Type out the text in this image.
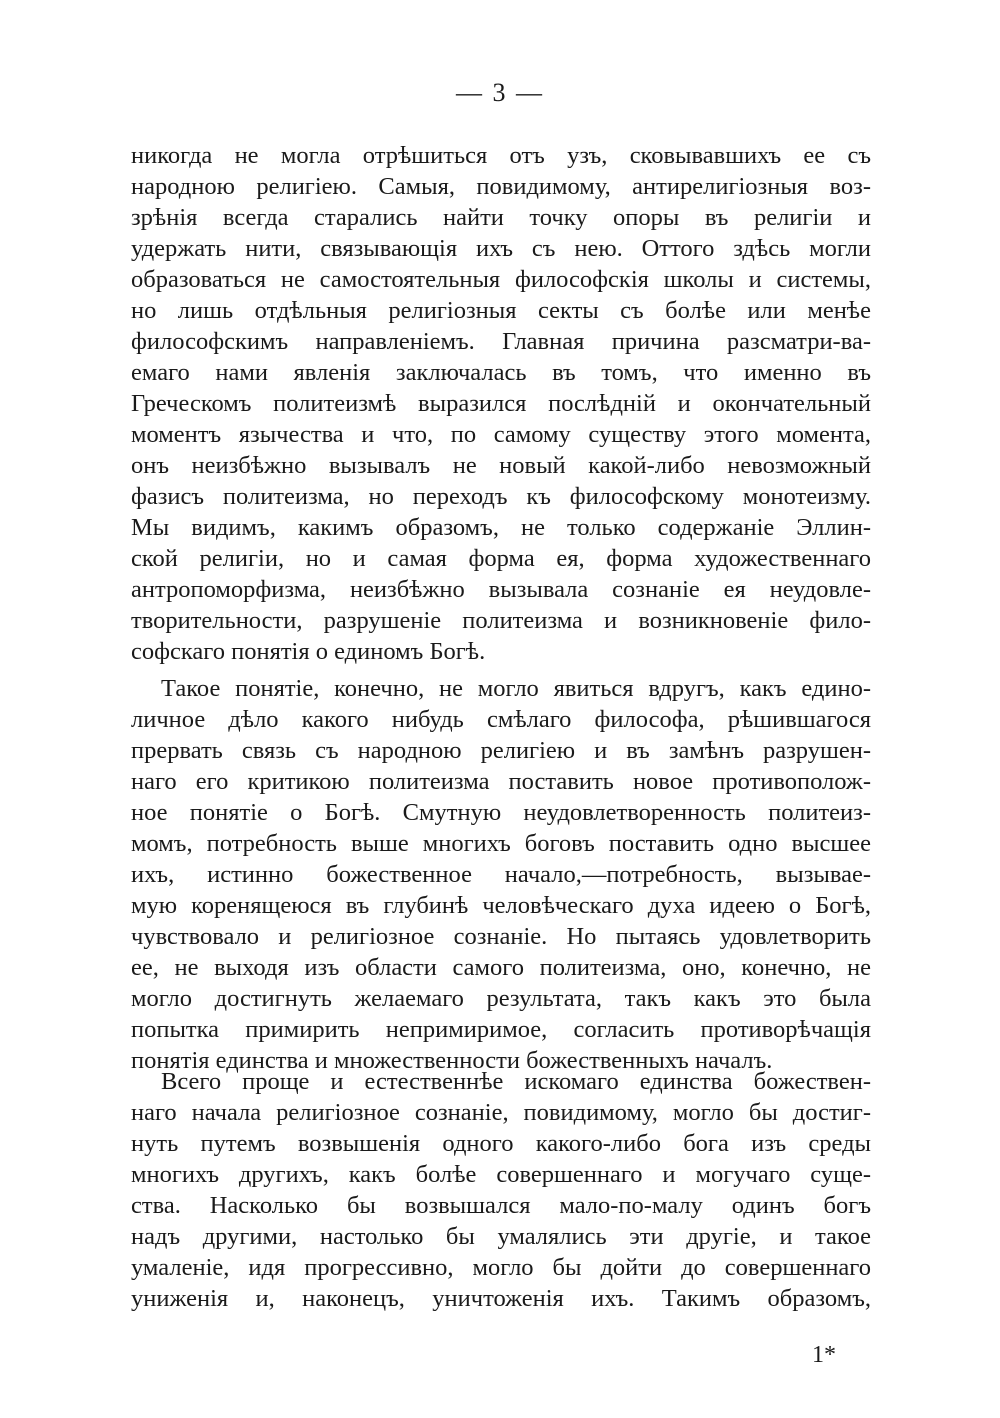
— 3 —
никогда не могла отрѣшиться отъ узъ, сковывавшихъ ее съ
народною религіею. Самыя, повидимому, антирелигіозныя воз-
зрѣнія всегда старались найти точку опоры въ религіи и
удержать нити, связывающія ихъ съ нею. Оттого здѣсь могли
образоваться не самостоятельныя философскія школы и системы,
но лишь отдѣльныя религіозныя секты съ болѣе или менѣе
философскимъ направленіемъ. Главная причина разсматри-ва-
емаго нами явленія заключалась въ томъ, что именно въ
Греческомъ политеизмѣ выразился послѣдній и окончательный
моментъ язычества и что, по самому существу этого момента,
онъ неизбѣжно вызывалъ не новый какой-либо невозможный
фазисъ политеизма, но переходъ къ философскому монотеизму.
Мы видимъ, какимъ образомъ, не только содержаніе Эллин-
ской религіи, но и самая форма ея, форма художественнаго
антропоморфизма, неизбѣжно вызывала сознаніе ея неудовле-
творительности, разрушеніе политеизма и возникновеніе фило-
софскаго понятія о единомъ Богѣ.
Такое понятіе, конечно, не могло явиться вдругъ, какъ едино-
личное дѣло какого нибудь смѣлаго философа, рѣшившагося
прервать связь съ народною религіею и въ замѣнъ разрушен-
наго его критикою политеизма поставить новое противополож-
ное понятіе о Богѣ. Смутную неудовлетворенность политеиз-
момъ, потребность выше многихъ боговъ поставить одно высшее
ихъ, истинно божественное начало,—потребность, вызывае-
мую коренящеюся въ глубинѣ человѣческаго духа идеею о Богѣ,
чувствовало и религіозное сознаніе. Но пытаясь удовлетворить
ее, не выходя изъ области самого политеизма, оно, конечно, не
могло достигнуть желаемаго результата, такъ какъ это была
попытка примирить непримиримое, согласить противорѣчащія
понятія единства и множественности божественныхъ началъ.
Всего проще и естественнѣе искомаго единства божествен-
наго начала религіозное сознаніе, повидимому, могло бы достиг-
нуть путемъ возвышенія одного какого-либо бога изъ среды
многихъ другихъ, какъ болѣе совершеннаго и могучаго суще-
ства. Насколько бы возвышался мало-по-малу одинъ богъ
надъ другими, настолько бы умалялись эти другіе, и такое
умаленіе, идя прогрессивно, могло бы дойти до совершеннаго
униженія и, наконецъ, уничтоженія ихъ. Такимъ образомъ,
1*
